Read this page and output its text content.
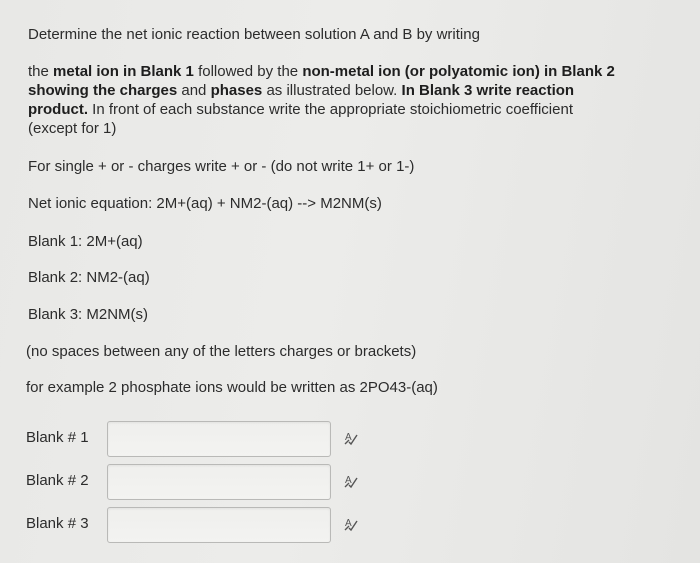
Determine the net ionic reaction between solution A and B by writing
the metal ion in Blank 1 followed by the non-metal ion (or polyatomic ion) in Blank 2
showing the charges and phases as illustrated below. In Blank 3 write reaction
product. In front of each substance write the appropriate stoichiometric coefficient
(except for 1)
For single + or - charges write + or - (do not write 1+ or 1-)
Net ionic equation: 2M+(aq) + NM2-(aq) --> M2NM(s)
Blank 1: 2M+(aq)
Blank 2: NM2-(aq)
Blank 3: M2NM(s)
(no spaces between any of the letters charges or brackets)
for example 2 phosphate ions would be written as 2PO43-(aq)
Blank # 1	A
Blank # 2	A
Blank # 3	A
